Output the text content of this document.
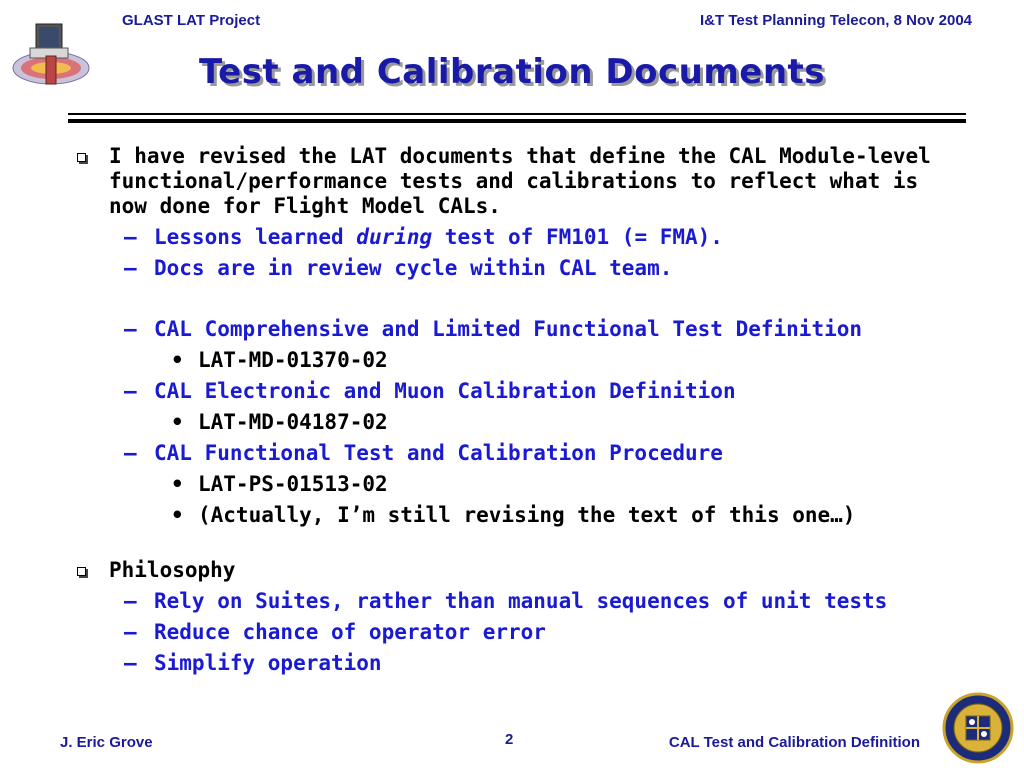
GLAST LAT Project	I&T Test Planning Telecon, 8 Nov 2004
Test and Calibration Documents
I have revised the LAT documents that define the CAL Module-level functional/performance tests and calibrations to reflect what is now done for Flight Model CALs.
– Lessons learned during test of FM101 (= FMA).
– Docs are in review cycle within CAL team.
– CAL Comprehensive and Limited Functional Test Definition
• LAT-MD-01370-02
– CAL Electronic and Muon Calibration Definition
• LAT-MD-04187-02
– CAL Functional Test and Calibration Procedure
• LAT-PS-01513-02
• (Actually, I’m still revising the text of this one…)
Philosophy
– Rely on Suites, rather than manual sequences of unit tests
– Reduce chance of operator error
– Simplify operation
J. Eric Grove	2	CAL Test and Calibration Definition
